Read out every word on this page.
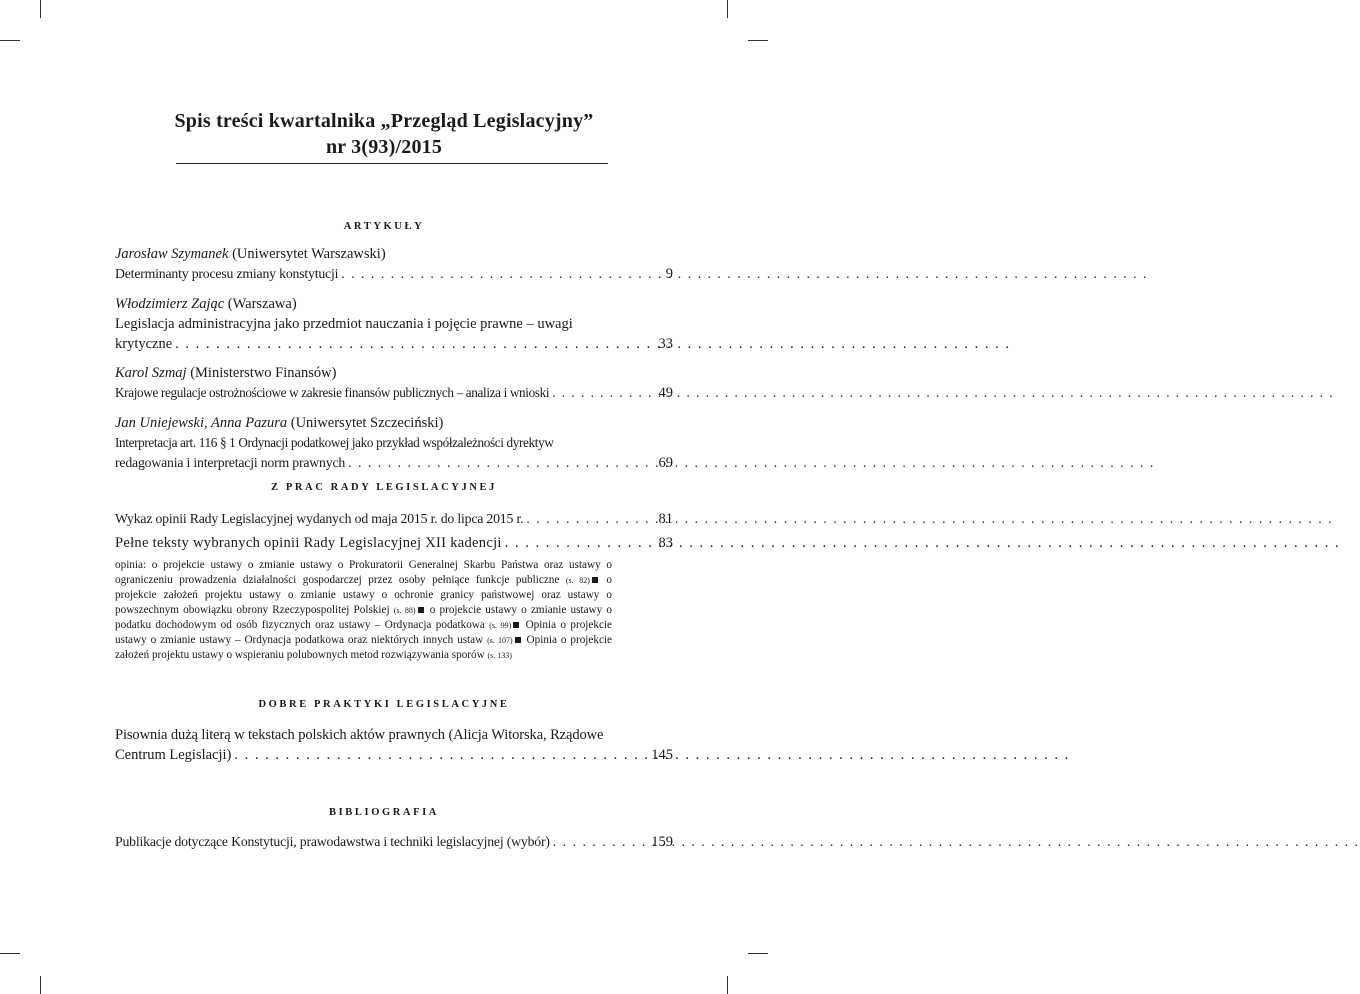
Spis treści kwartalnika „Przegląd Legislacyjny”
nr 3(93)/2015
ARTYKUŁY
Jarosław Szymanek (Uniwersytet Warszawski)
Determinanty procesu zmiany konstytucji . . .	9
Włodzimierz Zając (Warszawa)
Legislacja administracyjna jako przedmiot nauczania i pojęcie prawne – uwagi
krytyczne . . .	33
Karol Szmaj (Ministerstwo Finansów)
Krajowe regulacje ostrożnościowe w zakresie finansów publicznych – analiza i wnioski . . .	49
Jan Uniejewski, Anna Pazura (Uniwersytet Szczeciński)
Interpretacja art. 116 § 1 Ordynacji podatkowej jako przykład współzależności dyrektyw
redagowania i interpretacji norm prawnych . . .	69
Z PRAC RADY LEGISLACYJNEJ
Wykaz opinii Rady Legislacyjnej wydanych od maja 2015 r. do lipca 2015 r. . . .	81
Pełne teksty wybranych opinii Rady Legislacyjnej XII kadencji . . .	83
opinia: o projekcie ustawy o zmianie ustawy o Prokuratorii Generalnej Skarbu Państwa oraz ustawy o ograniczeniu prowadzenia działalności gospodarczej przez osoby pełniące funkcje publiczne (s. 82) o projekcie założeń projektu ustawy o zmianie ustawy o ochronie granicy państwowej oraz ustawy o powszechnym obowiązku obrony Rzeczypospolitej Polskiej (s. 88) o projekcie ustawy o zmianie ustawy o podatku dochodowym od osób fizycznych oraz ustawy – Ordynacja podatkowa (s. 99) Opinia o projekcie ustawy o zmianie ustawy – Ordynacja podatkowa oraz niektórych innych ustaw (s. 107) Opinia o projekcie założeń projektu ustawy o wspieraniu polubownych metod rozwiązywania sporów (s. 133)
DOBRE PRAKTYKI LEGISLACYJNE
Pisownia dużą literą w tekstach polskich aktów prawnych (Alicja Witorska, Rządowe
Centrum Legislacji) . . .	145
BIBLIOGRAFIA
Publikacje dotyczące Konstytucji, prawodawstwa i techniki legislacyjnej (wybór) . . .	159
